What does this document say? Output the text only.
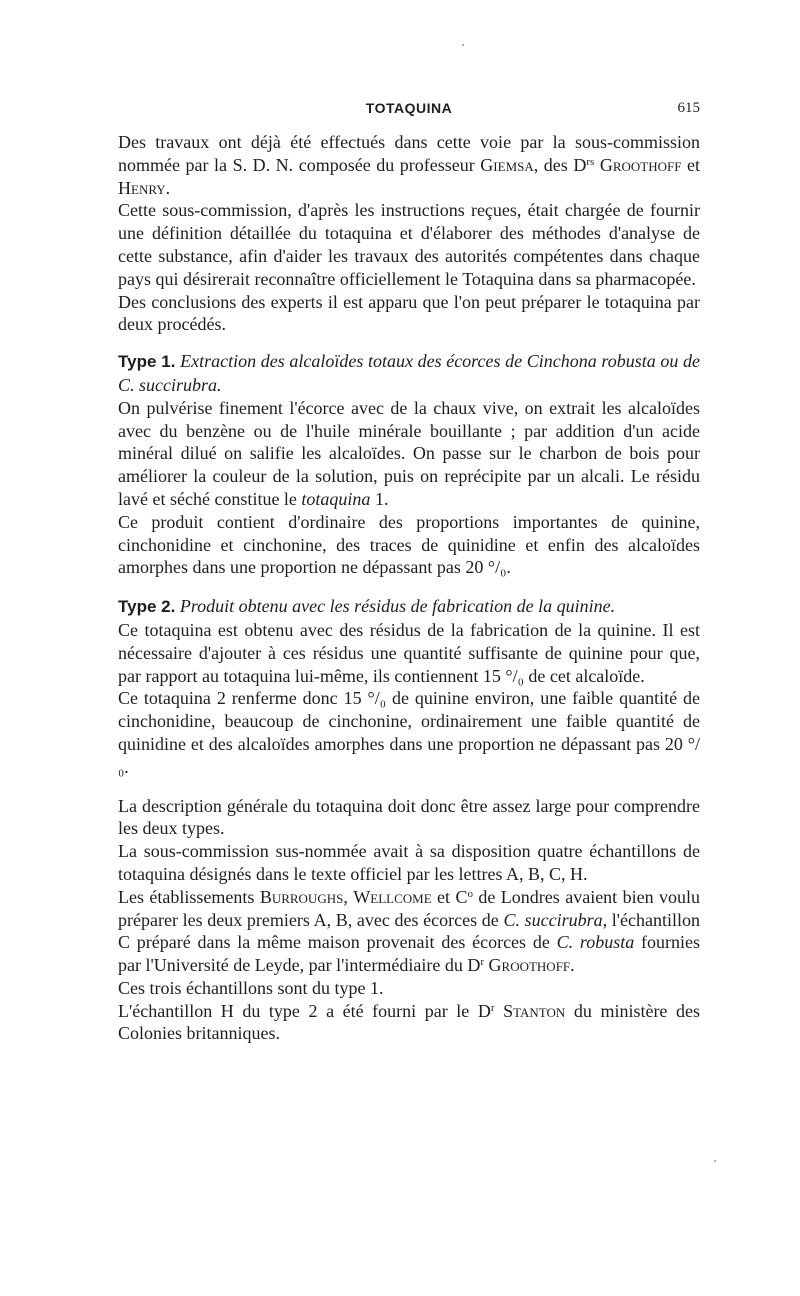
TOTAQUINA	615

Des travaux ont déjà été effectués dans cette voie par la sous-commission nommée par la S. D. N. composée du professeur Giemsa, des $D^{rs}$ Groothoff et Henry.

Cette sous-commission, d'après les instructions reçues, était chargée de fournir une définition détaillée du totaquina et d'élaborer des méthodes d'analyse de cette substance, afin d'aider les travaux des autorités compétentes dans chaque pays qui désirerait reconnaître officiellement le Totaquina dans sa pharmacopée.

Des conclusions des experts il est apparu que l'on peut préparer le totaquina par deux procédés.

Type 1. Extraction des alcaloïdes totaux des écorces de Cinchona robusta ou de C. succirubra.

On pulvérise finement l'écorce avec de la chaux vive, on extrait les alcaloïdes avec du benzène ou de l'huile minérale bouillante ; par addition d'un acide minéral dilué on salifie les alcaloïdes. On passe sur le charbon de bois pour améliorer la couleur de la solution, puis on reprécipite par un alcali. Le résidu lavé et séché constitue le totaquina 1.

Ce produit contient d'ordinaire des proportions importantes de quinine, cinchonidine et cinchonine, des traces de quinidine et enfin des alcaloïdes amorphes dans une proportion ne dépassant pas 20 °/₀.

Type 2. Produit obtenu avec les résidus de fabrication de la quinine.

Ce totaquina est obtenu avec des résidus de la fabrication de la quinine. Il est nécessaire d'ajouter à ces résidus une quantité suffisante de quinine pour que, par rapport au totaquina lui-même, ils contiennent 15 °/₀ de cet alcaloïde.

Ce totaquina 2 renferme donc 15 °/₀ de quinine environ, une faible quantité de cinchonidine, beaucoup de cinchonine, ordinairement une faible quantité de quinidine et des alcaloïdes amorphes dans une proportion ne dépassant pas 20 °/₀.

La description générale du totaquina doit donc être assez large pour comprendre les deux types.

La sous-commission sus-nommée avait à sa disposition quatre échantillons de totaquina désignés dans le texte officiel par les lettres A, B, C, H.

Les établissements Burroughs, Wellcome et $C^o$ de Londres avaient bien voulu préparer les deux premiers A, B, avec des écorces de C. succirubra, l'échantillon C préparé dans la même maison provenait des écorces de C. robusta fournies par l'Université de Leyde, par l'intermédiaire du $D^r$ Groothoff.

Ces trois échantillons sont du type 1.

L'échantillon H du type 2 a été fourni par le $D^r$ Stanton du ministère des Colonies britanniques.
